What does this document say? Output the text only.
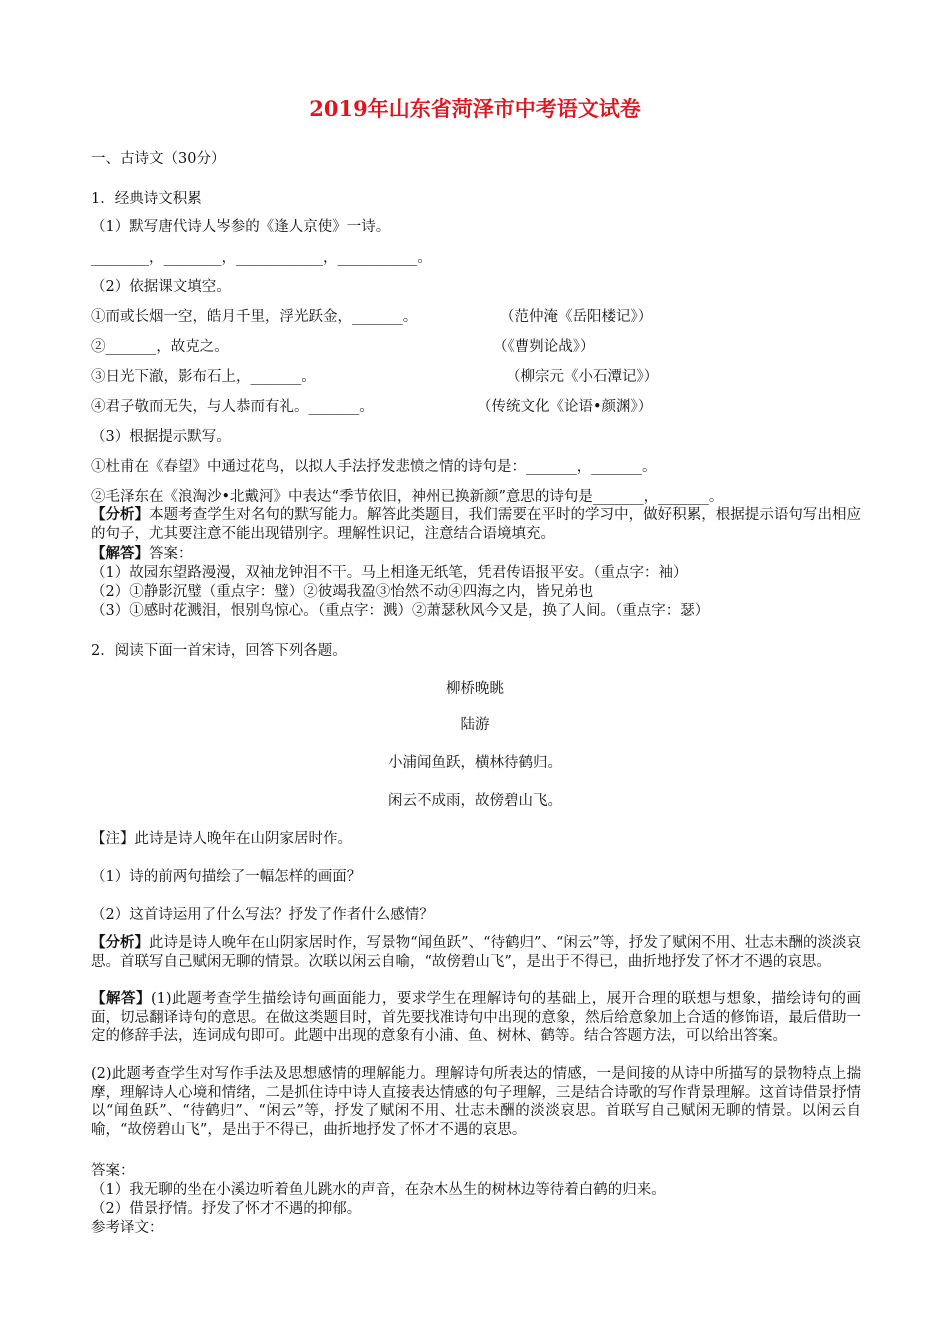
2019年山东省菏泽市中考语文试卷
一、古诗文（30分）
1．经典诗文积累
（1）默写唐代诗人岑参的《逢人京使》一诗。
________，________，____________，___________。
（2）依据课文填空。
①而或长烟一空，皓月千里，浮光跃金，_______。	（范仲淹《岳阳楼记》）
②_______，故克之。	（《曹刿论战》）
③日光下澈，影布石上，_______。	（柳宗元《小石潭记》）
④君子敬而无失，与人恭而有礼。_______。	（传统文化《论语•颜渊》）
（3）根据提示默写。
①杜甫在《春望》中通过花鸟，以拟人手法抒发悲愤之情的诗句是：_______，_______。
②毛泽东在《浪淘沙•北戴河》中表达“季节依旧，神州已换新颜”意思的诗句是_______，_______。
【分析】本题考查学生对名句的默写能力。解答此类题目，我们需要在平时的学习中，做好积累，根据提示语句写出相应的句子，尤其要注意不能出现错别字。理解性识记，注意结合语境填充。
【解答】答案：
（1）故园东望路漫漫，双袖龙钟泪不干。马上相逢无纸笔，凭君传语报平安。（重点字：袖）
（2）①静影沉璧（重点字：璧）②彼竭我盈③怡然不动④四海之内，皆兄弟也
（3）①感时花溅泪，恨别鸟惊心。（重点字：溅）②萧瑟秋风今又是，换了人间。（重点字：瑟）
2．阅读下面一首宋诗，回答下列各题。
柳桥晚眺
陆游
小浦闻鱼跃，横林待鹤归。
闲云不成雨，故傍碧山飞。
【注】此诗是诗人晚年在山阴家居时作。
（1）诗的前两句描绘了一幅怎样的画面？
（2）这首诗运用了什么写法？抒发了作者什么感情？
【分析】此诗是诗人晚年在山阴家居时作，写景物“闻鱼跃”、“待鹤归”、“闲云”等，抒发了赋闲不用、壮志未酬的淡淡哀思。首联写自己赋闲无聊的情景。次联以闲云自喻，“故傍碧山飞”，是出于不得已，曲折地抒发了怀才不遇的哀思。
【解答】(1)此题考查学生描绘诗句画面能力，要求学生在理解诗句的基础上，展开合理的联想与想象，描绘诗句的画面，切忌翻译诗句的意思。在做这类题目时，首先要找准诗句中出现的意象，然后给意象加上合适的修饰语，最后借助一定的修辞手法，连词成句即可。此题中出现的意象有小浦、鱼、树林、鹤等。结合答题方法，可以给出答案。
(2)此题考查学生对写作手法及思想感情的理解能力。理解诗句所表达的情感，一是间接的从诗中所描写的景物特点上揣摩，理解诗人心境和情绪，二是抓住诗中诗人直接表达情感的句子理解，三是结合诗歌的写作背景理解。这首诗借景抒情以“闻鱼跃”、“待鹤归”、“闲云”等，抒发了赋闲不用、壮志未酬的淡淡哀思。首联写自己赋闲无聊的情景。以闲云自喻，“故傍碧山飞”，是出于不得已，曲折地抒发了怀才不遇的哀思。
答案：
（1）我无聊的坐在小溪边听着鱼儿跳水的声音，在杂木丛生的树林边等待着白鹤的归来。
（2）借景抒情。抒发了怀才不遇的抑郁。
参考译文：
